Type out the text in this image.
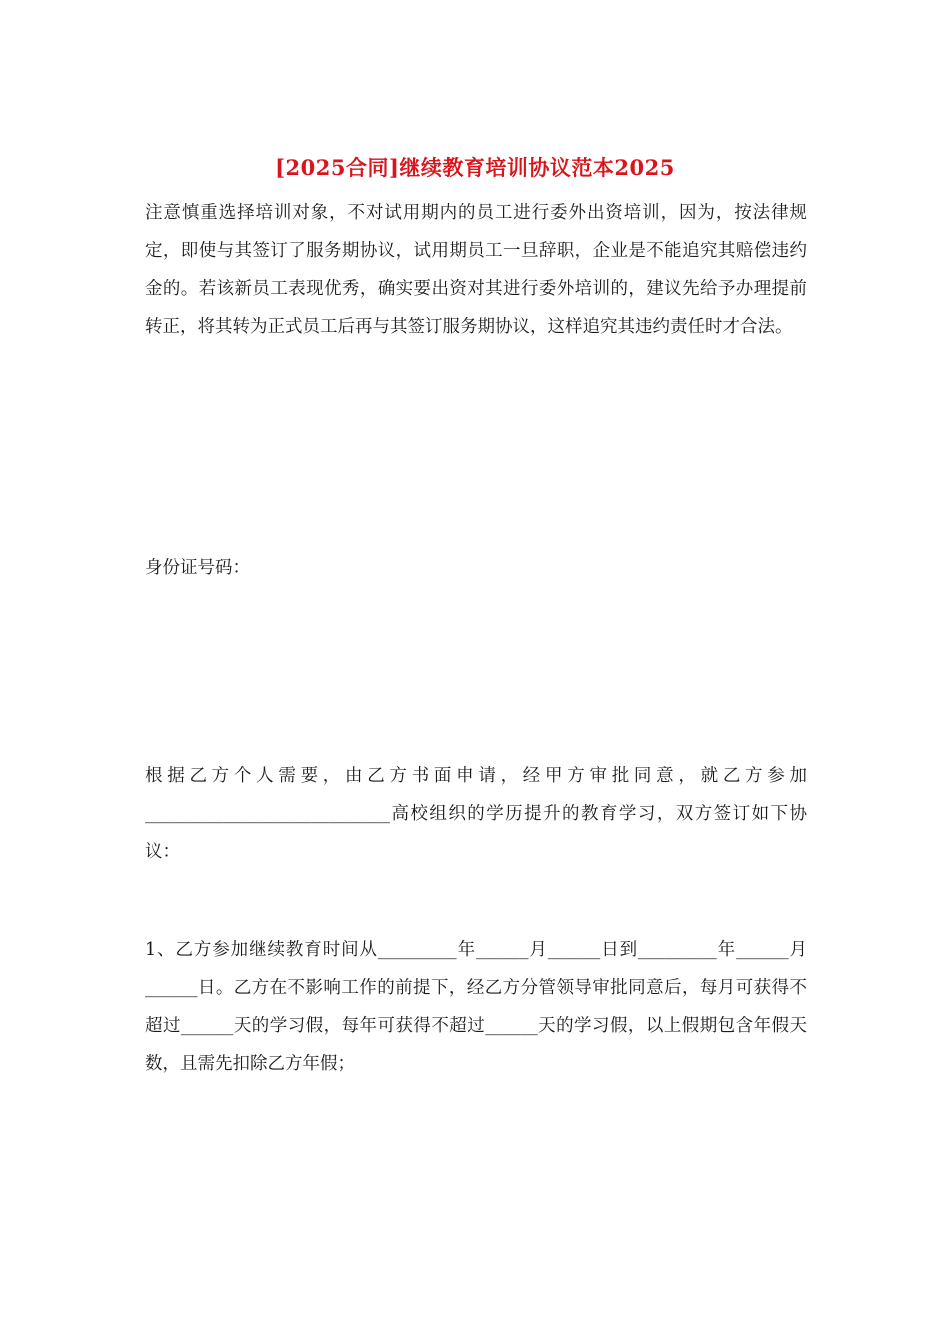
[2025合同]继续教育培训协议范本2025

注意慎重选择培训对象，不对试用期内的员工进行委外出资培训，因为，按法律规定，即使与其签订了服务期协议，试用期员工一旦辞职，企业是不能追究其赔偿违约金的。若该新员工表现优秀，确实要出资对其进行委外培训的，建议先给予办理提前转正，将其转为正式员工后再与其签订服务期协议，这样追究其违约责任时才合法。

身份证号码：

根据乙方个人需要，由乙方书面申请，经甲方审批同意，就乙方参加____________________________高校组织的学历提升的教育学习，双方签订如下协议：

1、乙方参加继续教育时间从_________年______月______日到_________年______月______日。乙方在不影响工作的前提下，经乙方分管领导审批同意后，每月可获得不超过______天的学习假，每年可获得不超过______天的学习假，以上假期包含年假天数，且需先扣除乙方年假；
